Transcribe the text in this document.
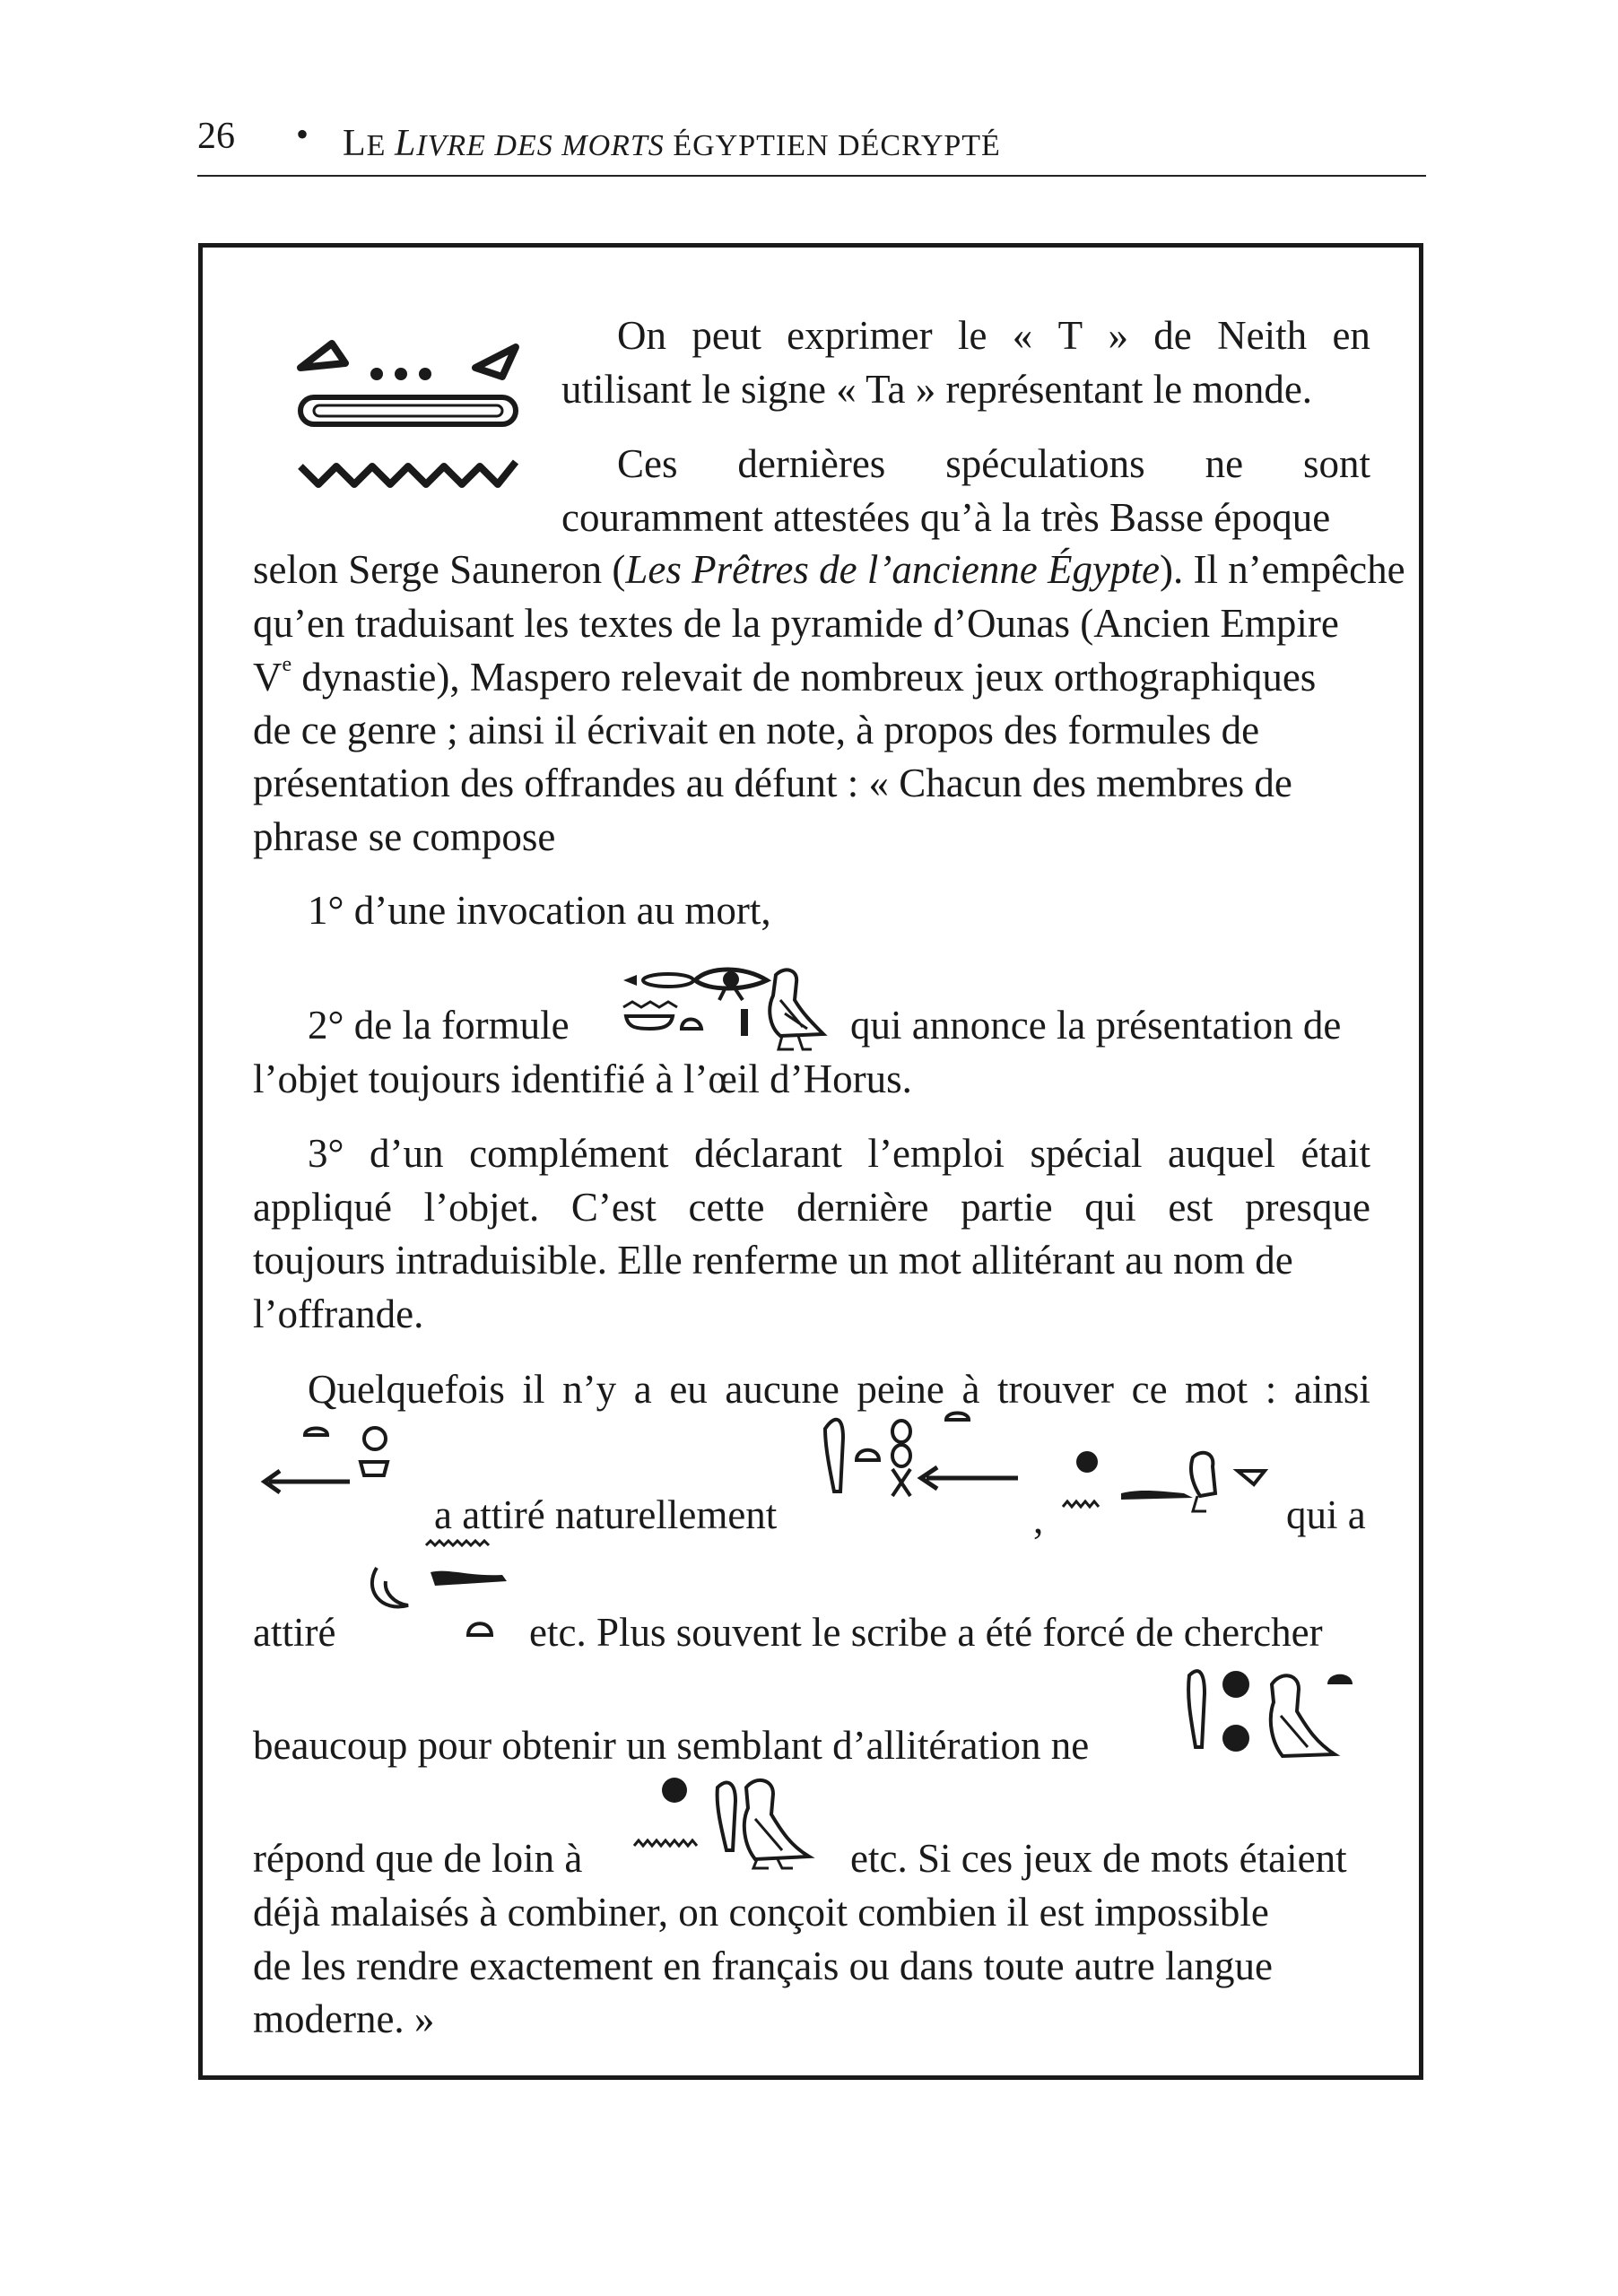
26 • LE LIVRE DES MORTS ÉGYPTIEN DÉCRYPTÉ
On peut exprimer le « T » de Neith en
utilisant le signe « Ta » représentant le monde.
Ces dernières spéculations ne sont
couramment attestées qu’à la très Basse époque
selon Serge Sauneron (Les Prêtres de l’ancienne Égypte). Il n’empêche
qu’en traduisant les textes de la pyramide d’Ounas (Ancien Empire
Ve dynastie), Maspero relevait de nombreux jeux orthographiques
de ce genre ; ainsi il écrivait en note, à propos des formules de
présentation des offrandes au défunt : « Chacun des membres de
phrase se compose
1° d’une invocation au mort,
2° de la formule	qui annonce la présentation de
l’objet toujours identifié à l’œil d’Horus.
3° d’un complément déclarant l’emploi spécial auquel était
appliqué l’objet. C’est cette dernière partie qui est presque
toujours intraduisible. Elle renferme un mot allitérant au nom de
l’offrande.
Quelquefois il n’y a eu aucune peine à trouver ce mot : ainsi
a attiré naturellement	,	qui a
attiré	etc. Plus souvent le scribe a été forcé de chercher
beaucoup pour obtenir un semblant d’allitération ne
répond que de loin à	etc. Si ces jeux de mots étaient
déjà malaisés à combiner, on conçoit combien il est impossible
de les rendre exactement en français ou dans toute autre langue
moderne. »
